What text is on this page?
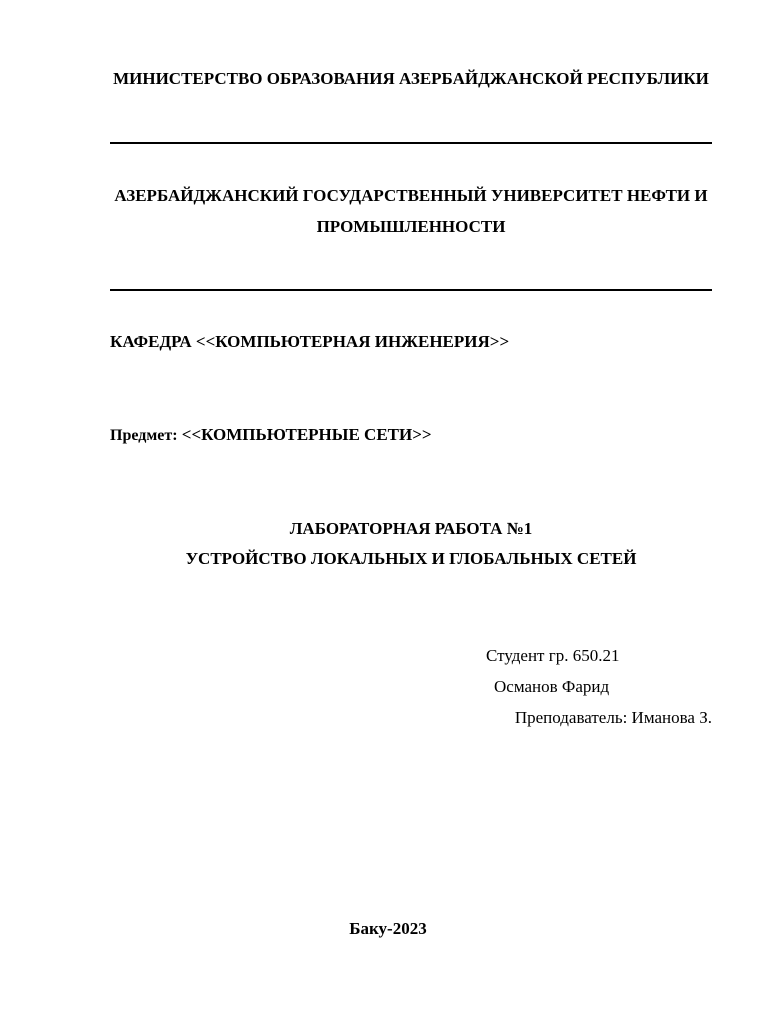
МИНИСТЕРСТВО ОБРАЗОВАНИЯ АЗЕРБАЙДЖАНСКОЙ РЕСПУБЛИКИ
АЗЕРБАЙДЖАНСКИЙ ГОСУДАРСТВЕННЫЙ УНИВЕРСИТЕТ НЕФТИ И
ПРОМЫШЛЕННОСТИ
КАФЕДРА <<КОМПЬЮТЕРНАЯ ИНЖЕНЕРИЯ>>
Предмет: <<КОМПЬЮТЕРНЫЕ СЕТИ>>
ЛАБОРАТОРНАЯ РАБОТА №1
УСТРОЙСТВО ЛОКАЛЬНЫХ И ГЛОБАЛЬНЫХ СЕТЕЙ
Студент гр. 650.21
Османов Фарид
Преподаватель: Иманова З.
Баку-2023
